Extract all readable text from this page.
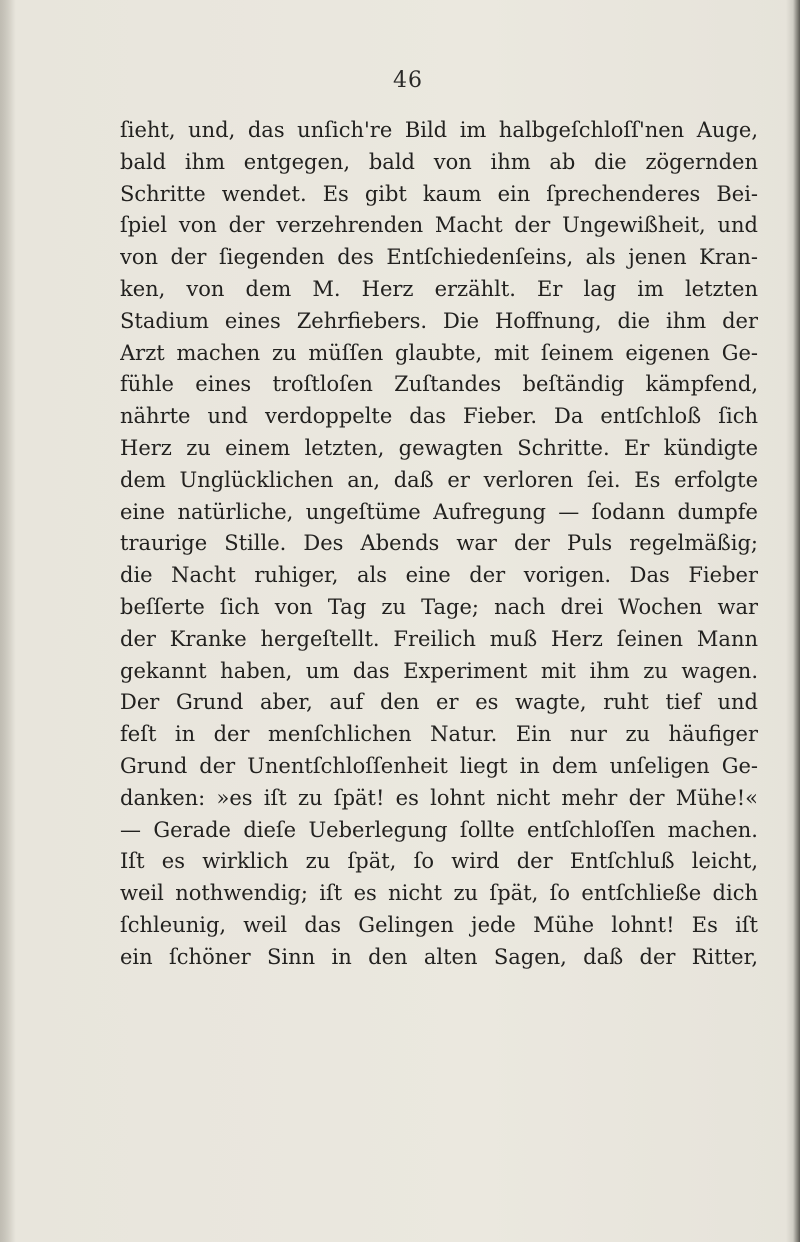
46
ſieht, und, das unſich're Bild im halbgeſchloſſ'nen Auge,
bald ihm entgegen, bald von ihm ab die zögernden
Schritte wendet. Es gibt kaum ein ſprechenderes Bei-
ſpiel von der verzehrenden Macht der Ungewißheit, und
von der ſiegenden des Entſchiedenſeins, als jenen Kran-
ken, von dem M. Herz erzählt. Er lag im letzten
Stadium eines Zehrfiebers. Die Hoffnung, die ihm der
Arzt machen zu müſſen glaubte, mit ſeinem eigenen Ge-
fühle eines troſtloſen Zuſtandes beſtändig kämpfend,
nährte und verdoppelte das Fieber. Da entſchloß ſich
Herz zu einem letzten, gewagten Schritte. Er kündigte
dem Unglücklichen an, daß er verloren ſei. Es erfolgte
eine natürliche, ungeſtüme Aufregung — ſodann dumpfe
traurige Stille. Des Abends war der Puls regelmäßig;
die Nacht ruhiger, als eine der vorigen. Das Fieber
beſſerte ſich von Tag zu Tage; nach drei Wochen war
der Kranke hergeſtellt. Freilich muß Herz ſeinen Mann
gekannt haben, um das Experiment mit ihm zu wagen.
Der Grund aber, auf den er es wagte, ruht tief und
feſt in der menſchlichen Natur. Ein nur zu häufiger
Grund der Unentſchloſſenheit liegt in dem unſeligen Ge-
danken: »es iſt zu ſpät! es lohnt nicht mehr der Mühe!«
— Gerade dieſe Ueberlegung ſollte entſchloſſen machen.
Iſt es wirklich zu ſpät, ſo wird der Entſchluß leicht,
weil nothwendig; iſt es nicht zu ſpät, ſo entſchließe dich
ſchleunig, weil das Gelingen jede Mühe lohnt! Es iſt
ein ſchöner Sinn in den alten Sagen, daß der Ritter,
